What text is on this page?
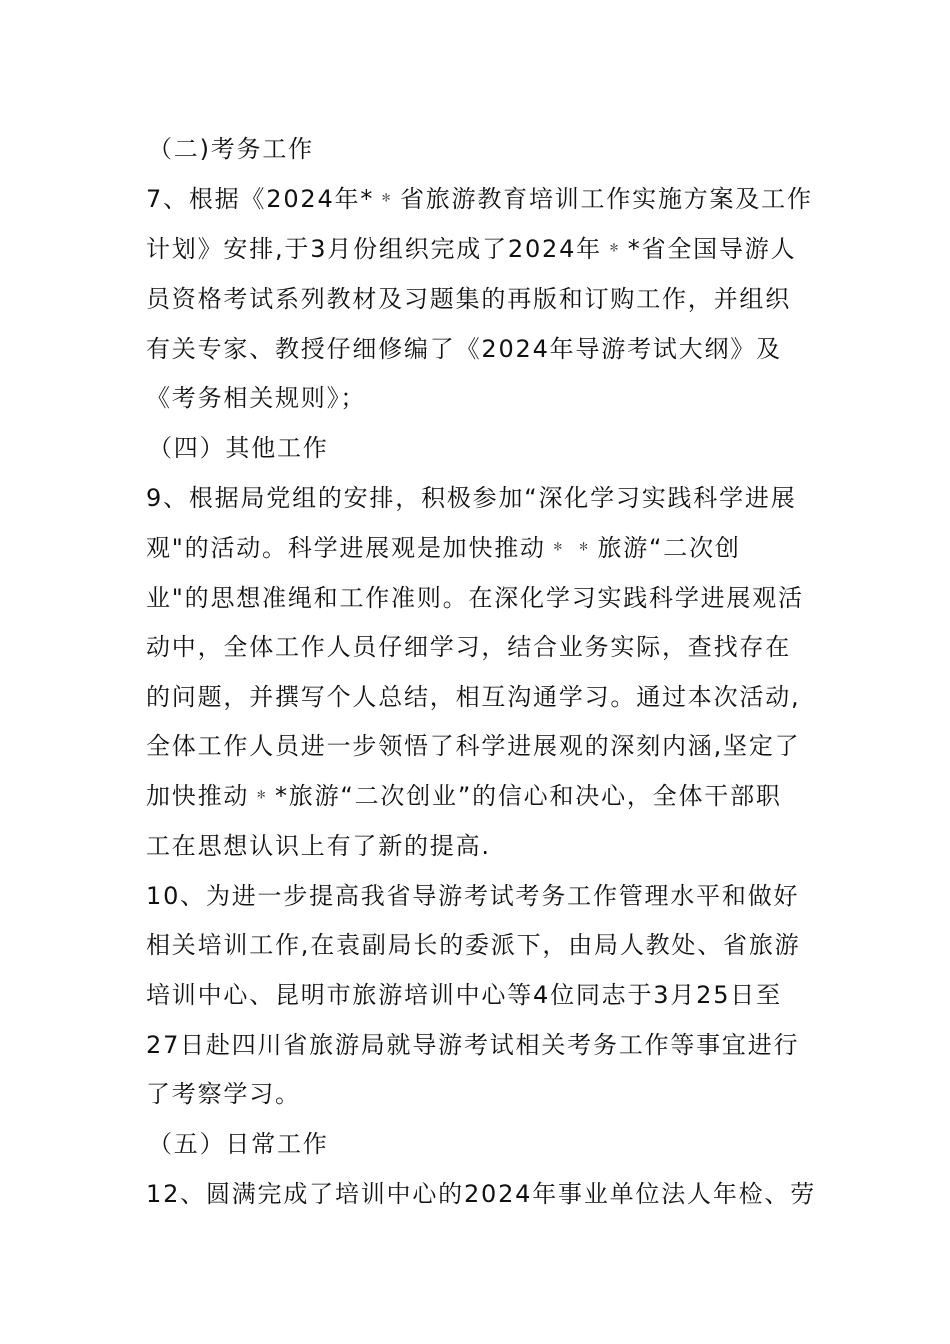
（二)考务工作
7、根据《2024年*﹡省旅游教育培训工作实施方案及工作
计划》安排,于3月份组织完成了2024年﹡*省全国导游人
员资格考试系列教材及习题集的再版和订购工作，并组织
有关专家、教授仔细修编了《2024年导游考试大纲》及
《考务相关规则》；
（四）其他工作
9、根据局党组的安排，积极参加“深化学习实践科学进展
观"的活动。科学进展观是加快推动﹡﹡旅游“二次创
业"的思想准绳和工作准则。在深化学习实践科学进展观活
动中，全体工作人员仔细学习，结合业务实际，查找存在
的问题，并撰写个人总结，相互沟通学习。通过本次活动,
全体工作人员进一步领悟了科学进展观的深刻内涵,坚定了
加快推动﹡*旅游“二次创业”的信心和决心，全体干部职
工在思想认识上有了新的提高.
10、为进一步提高我省导游考试考务工作管理水平和做好
相关培训工作,在袁副局长的委派下，由局人教处、省旅游
培训中心、昆明市旅游培训中心等4位同志于3月25日至
27日赴四川省旅游局就导游考试相关考务工作等事宜进行
了考察学习。
（五）日常工作
12、圆满完成了培训中心的2024年事业单位法人年检、劳
